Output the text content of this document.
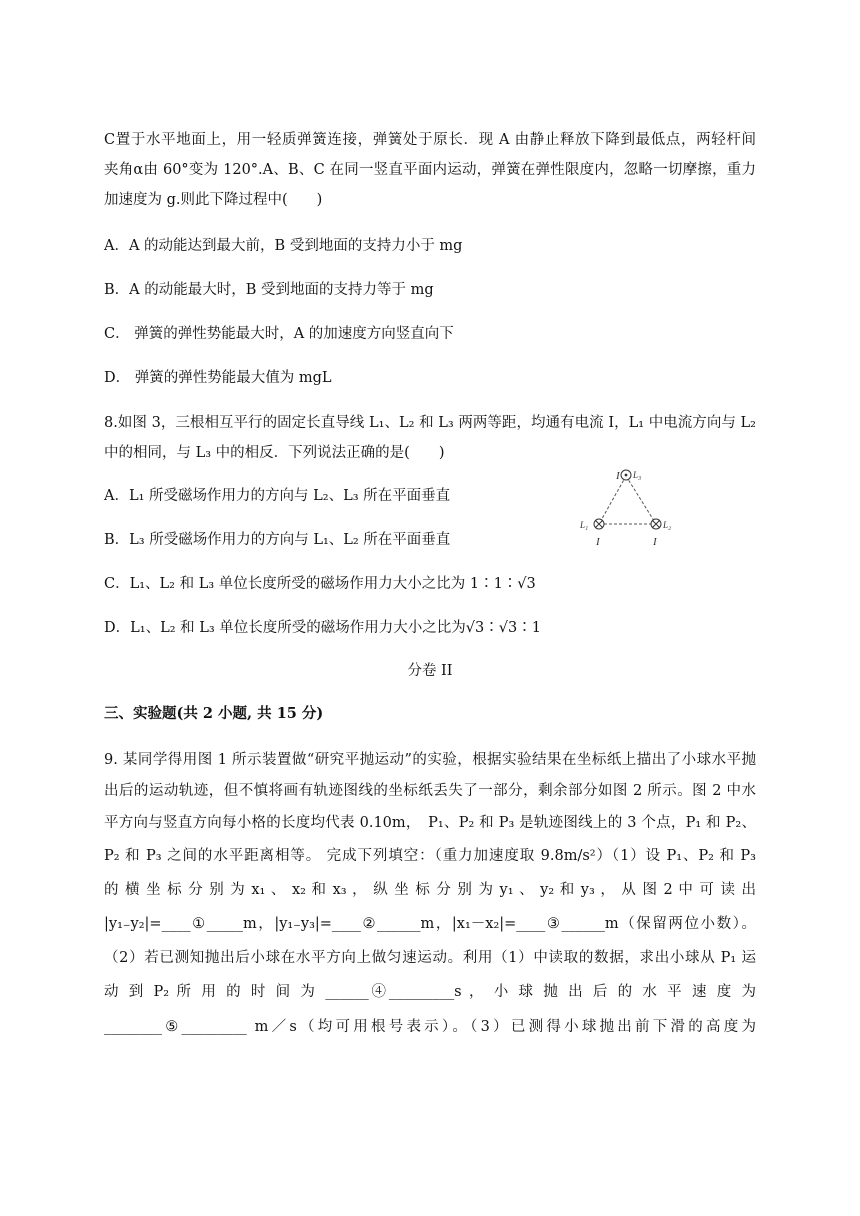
C置于水平地面上，用一轻质弹簧连接，弹簧处于原长．现 A 由静止释放下降到最低点，两轻杆间
夹角α由 60°变为 120°.A、B、C 在同一竖直平面内运动，弹簧在弹性限度内，忽略一切摩擦，重力
加速度为 g.则此下降过程中(　　)
A．A 的动能达到最大前，B 受到地面的支持力小于 mg
B．A 的动能最大时，B 受到地面的支持力等于 mg
C． 弹簧的弹性势能最大时，A 的加速度方向竖直向下
D． 弹簧的弹性势能最大值为 mgL
8.如图 3，三根相互平行的固定长直导线 L₁、L₂ 和 L₃ 两两等距，均通有电流 I，L₁ 中电流方向与 L₂
中的相同，与 L₃ 中的相反．下列说法正确的是(　　)
A．L₁ 所受磁场作用力的方向与 L₂、L₃ 所在平面垂直
B．L₃ 所受磁场作用力的方向与 L₁、L₂ 所在平面垂直
C．L₁、L₂ 和 L₃ 单位长度所受的磁场作用力大小之比为 1∶1∶√3
D．L₁、L₂ 和 L₃ 单位长度所受的磁场作用力大小之比为√3∶√3∶1
I L₃
L₁	L₂
I	I
分卷 II
三、实验题(共 2 小题, 共 15 分)
9. 某同学得用图 1 所示装置做“研究平抛运动”的实验，根据实验结果在坐标纸上描出了小球水平抛
出后的运动轨迹，但不慎将画有轨迹图线的坐标纸丢失了一部分，剩余部分如图 2 所示。图 2 中水
平方向与竖直方向每小格的长度均代表 0.10m，　P₁、P₂ 和 P₃ 是轨迹图线上的 3 个点，P₁ 和 P₂、
P₂ 和 P₃ 之间的水平距离相等。 完成下列填空：（重力加速度取 9.8m/s²）（1）设 P₁、P₂ 和 P₃
的 横 坐 标 分 别 为 x₁ 、 x₂ 和 x₃ ， 纵 坐 标 分 别 为 y₁ 、 y₂ 和 y₃ ， 从 图 2 中 可 读 出
|y₁₋y₂|=____①_____m，|y₁₋y₃|=____②______m，|x₁－x₂|=____③______m（保留两位小数）。
（2）若已测知抛出后小球在水平方向上做匀速运动。利用（1）中读取的数据，求出小球从 P₁ 运
动 到 P₂ 所 用 的 时 间 为 ______④_________s ， 小 球 抛 出 后 的 水 平 速 度 为
________⑤_________ m／s（均可用根号表示）。（3）已测得小球抛出前下滑的高度为
